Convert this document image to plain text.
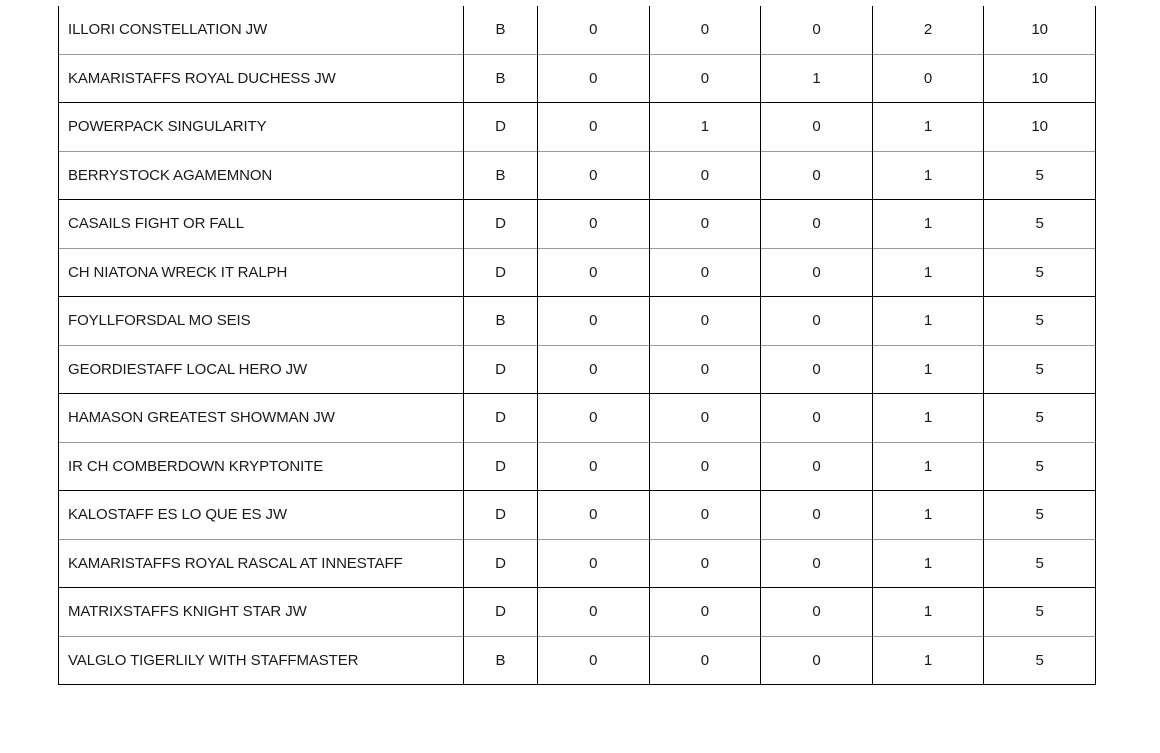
ILLORI CONSTELLATION JW	B	0	0	0	2	10
KAMARISTAFFS ROYAL DUCHESS JW	B	0	0	1	0	10
POWERPACK SINGULARITY	D	0	1	0	1	10
BERRYSTOCK AGAMEMNON	B	0	0	0	1	5
CASAILS FIGHT OR FALL	D	0	0	0	1	5
CH NIATONA WRECK IT RALPH	D	0	0	0	1	5
FOYLLFORSDAL MO SEIS	B	0	0	0	1	5
GEORDIESTAFF LOCAL HERO JW	D	0	0	0	1	5
HAMASON GREATEST SHOWMAN JW	D	0	0	0	1	5
IR CH COMBERDOWN KRYPTONITE	D	0	0	0	1	5
KALOSTAFF ES LO QUE ES JW	D	0	0	0	1	5
KAMARISTAFFS ROYAL RASCAL AT INNESTAFF	D	0	0	0	1	5
MATRIXSTAFFS KNIGHT STAR JW	D	0	0	0	1	5
VALGLO TIGERLILY WITH STAFFMASTER	B	0	0	0	1	5
